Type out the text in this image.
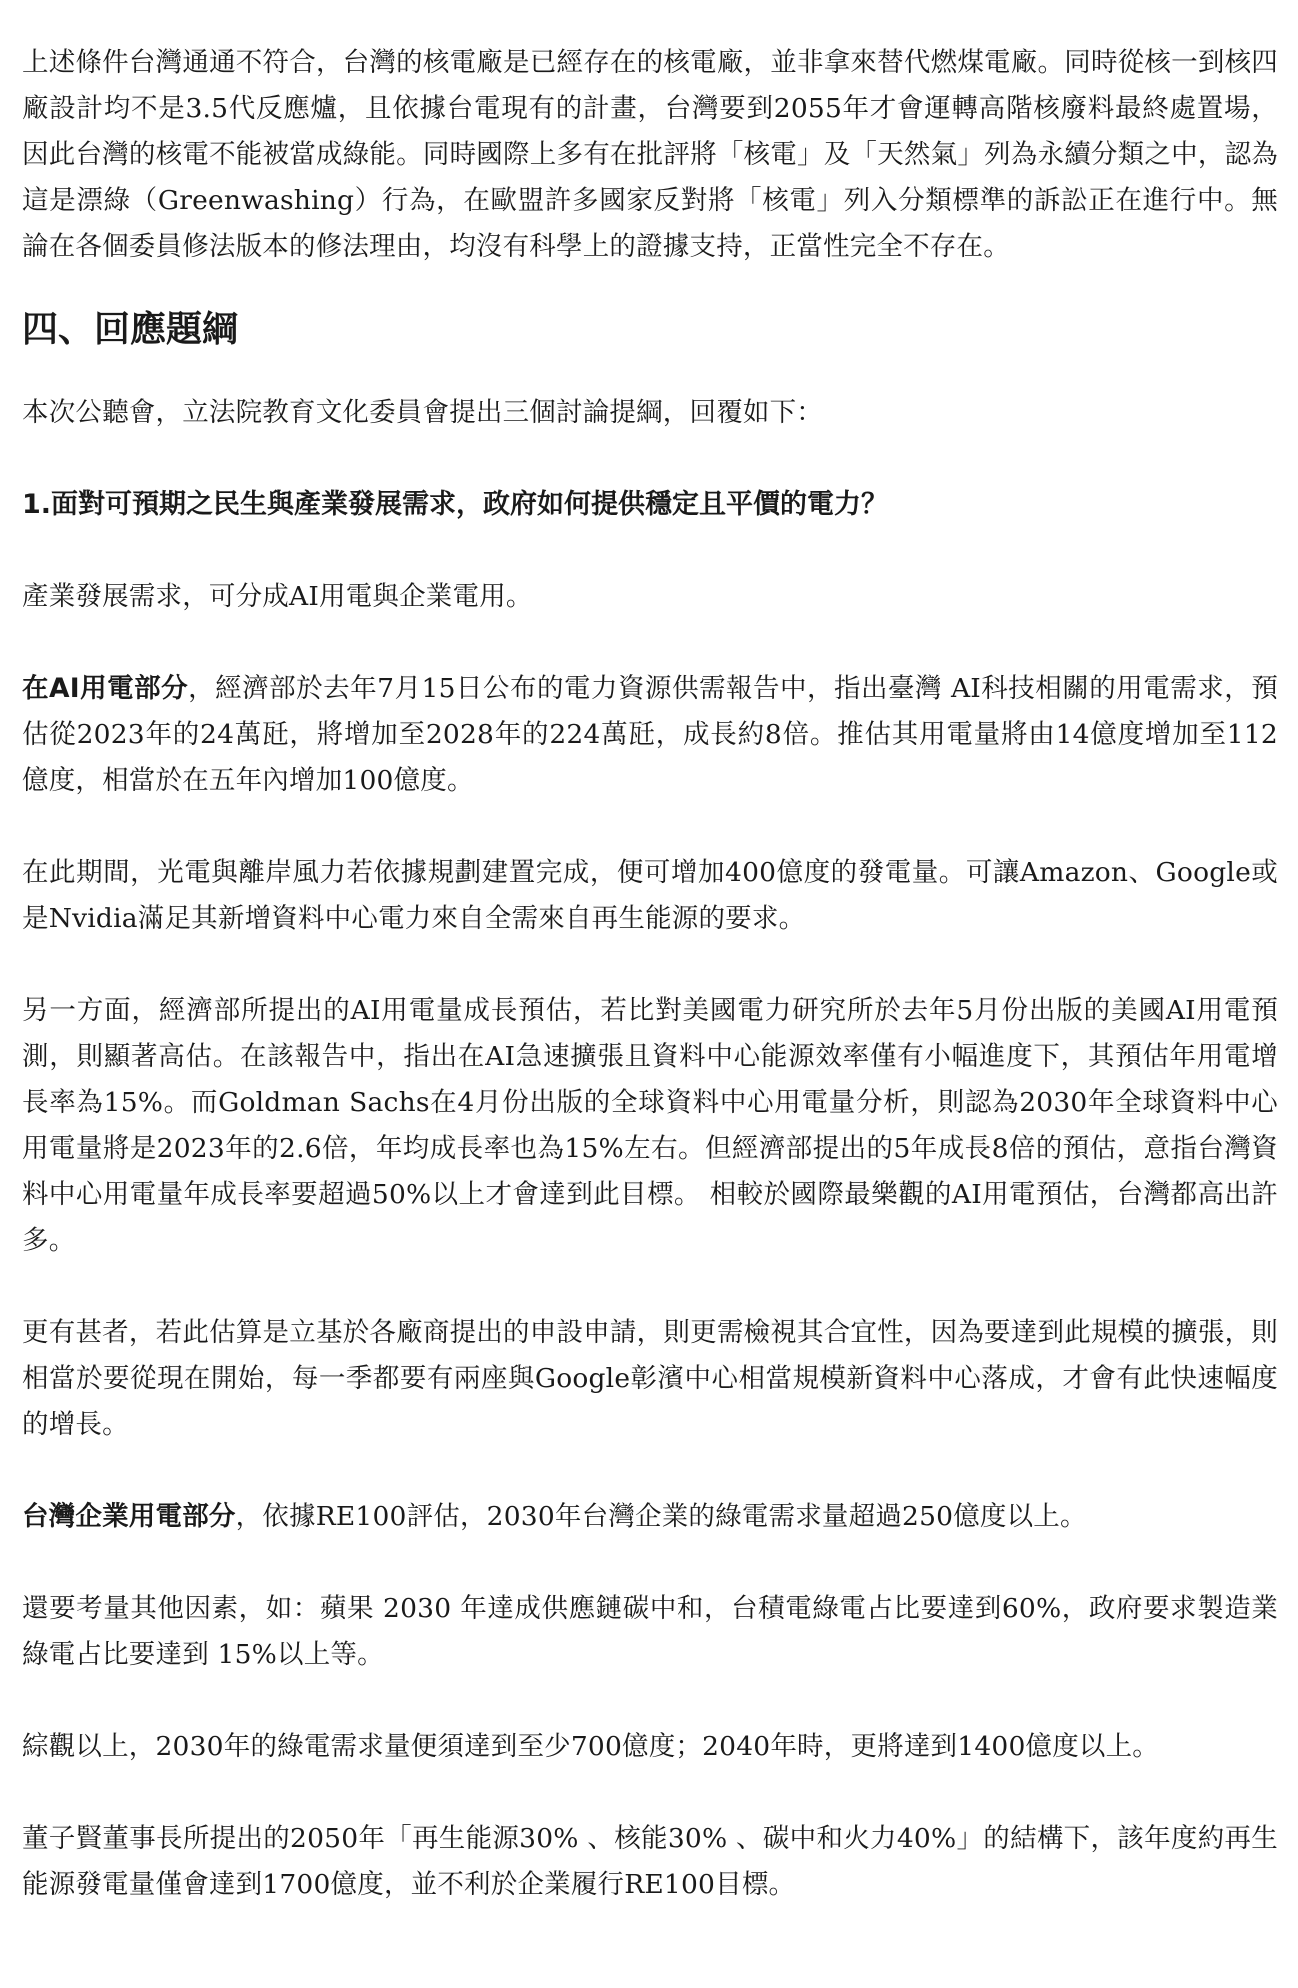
上述條件台灣通通不符合，台灣的核電廠是已經存在的核電廠，並非拿來替代燃煤電廠。同時從核一到核四廠設計均不是3.5代反應爐，且依據台電現有的計畫，台灣要到2055年才會運轉高階核廢料最終處置場，因此台灣的核電不能被當成綠能。同時國際上多有在批評將「核電」及「天然氣」列為永續分類之中，認為這是漂綠（Greenwashing）行為，在歐盟許多國家反對將「核電」列入分類標準的訴訟正在進行中。無論在各個委員修法版本的修法理由，均沒有科學上的證據支持，正當性完全不存在。

四、回應題綱

本次公聽會，立法院教育文化委員會提出三個討論提綱，回覆如下：

1.面對可預期之民生與產業發展需求，政府如何提供穩定且平價的電力？

產業發展需求，可分成AI用電與企業電用。

在AI用電部分，經濟部於去年7月15日公布的電力資源供需報告中，指出臺灣 AI科技相關的用電需求，預估從2023年的24萬瓩，將增加至2028年的224萬瓩，成長約8倍。推估其用電量將由14億度增加至112億度，相當於在五年內增加100億度。

在此期間，光電與離岸風力若依據規劃建置完成，便可增加400億度的發電量。可讓Amazon、Google或是Nvidia滿足其新增資料中心電力來自全需來自再生能源的要求。

另一方面，經濟部所提出的AI用電量成長預估，若比對美國電力研究所於去年5月份出版的美國AI用電預測，則顯著高估。在該報告中，指出在AI急速擴張且資料中心能源效率僅有小幅進度下，其預估年用電增長率為15%。而Goldman Sachs在4月份出版的全球資料中心用電量分析，則認為2030年全球資料中心用電量將是2023年的2.6倍，年均成長率也為15%左右。但經濟部提出的5年成長8倍的預估，意指台灣資料中心用電量年成長率要超過50%以上才會達到此目標。 相較於國際最樂觀的AI用電預估，台灣都高出許多。

更有甚者，若此估算是立基於各廠商提出的申設申請，則更需檢視其合宜性，因為要達到此規模的擴張，則相當於要從現在開始，每一季都要有兩座與Google彰濱中心相當規模新資料中心落成，才會有此快速幅度的增長。

台灣企業用電部分，依據RE100評估，2030年台灣企業的綠電需求量超過250億度以上。

還要考量其他因素，如：蘋果 2030 年達成供應鏈碳中和，台積電綠電占比要達到60%，政府要求製造業綠電占比要達到 15%以上等。

綜觀以上，2030年的綠電需求量便須達到至少700億度；2040年時，更將達到1400億度以上。

董子賢董事長所提出的2050年「再生能源30% 、核能30% 、碳中和火力40%」的結構下，該年度約再生能源發電量僅會達到1700億度，並不利於企業履行RE100目標。
